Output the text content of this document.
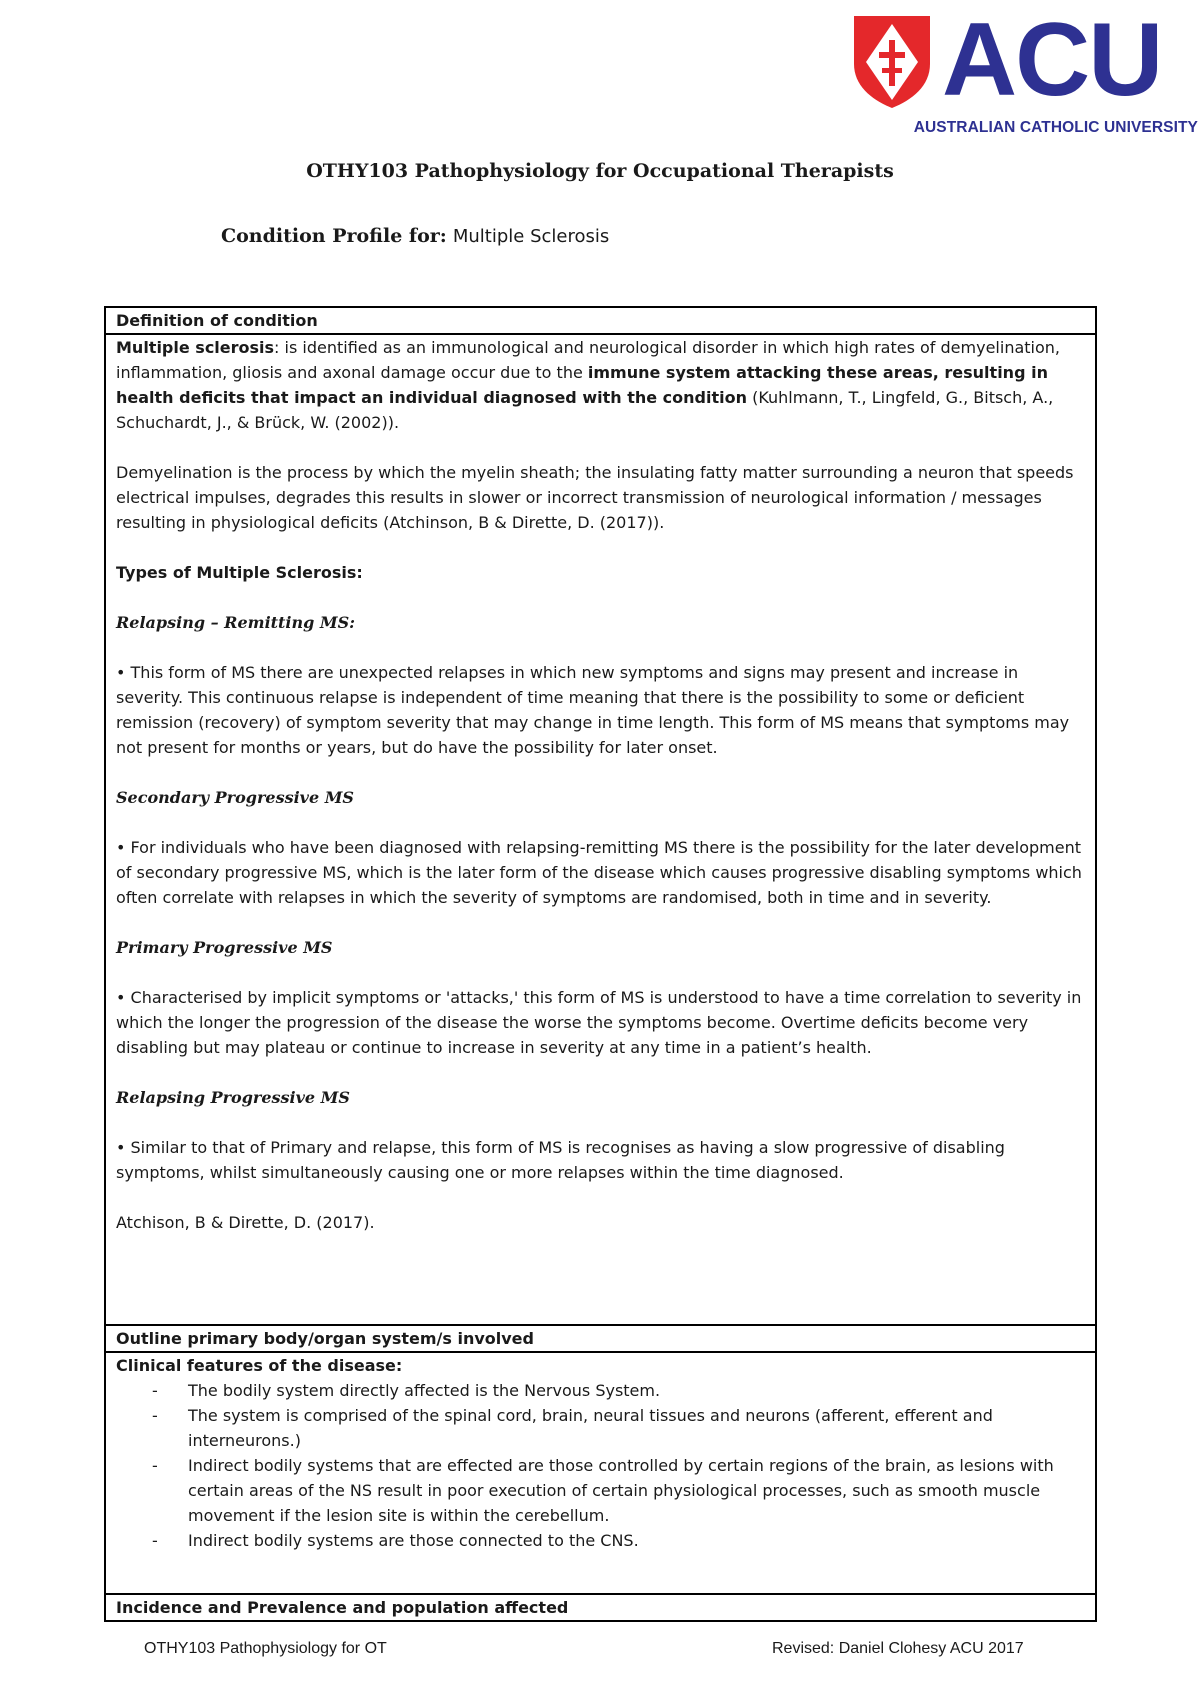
ACU
AUSTRALIAN CATHOLIC UNIVERSITY
OTHY103 Pathophysiology for Occupational Therapists
Condition Profile for: Multiple Sclerosis
Definition of condition

Multiple sclerosis: is identified as an immunological and neurological disorder in which high rates of demyelination, inflammation, gliosis and axonal damage occur due to the immune system attacking these areas, resulting in health deficits that impact an individual diagnosed with the condition (Kuhlmann, T., Lingfeld, G., Bitsch, A., Schuchardt, J., & Brück, W. (2002)).

Demyelination is the process by which the myelin sheath; the insulating fatty matter surrounding a neuron that speeds electrical impulses, degrades this results in slower or incorrect transmission of neurological information / messages resulting in physiological deficits (Atchinson, B & Dirette, D. (2017)).

Types of Multiple Sclerosis:

Relapsing – Remitting MS:

• This form of MS there are unexpected relapses in which new symptoms and signs may present and increase in severity. This continuous relapse is independent of time meaning that there is the possibility to some or deficient remission (recovery) of symptom severity that may change in time length. This form of MS means that symptoms may not present for months or years, but do have the possibility for later onset.

Secondary Progressive MS

• For individuals who have been diagnosed with relapsing-remitting MS there is the possibility for the later development of secondary progressive MS, which is the later form of the disease which causes progressive disabling symptoms which often correlate with relapses in which the severity of symptoms are randomised, both in time and in severity.

Primary Progressive MS

• Characterised by implicit symptoms or 'attacks,' this form of MS is understood to have a time correlation to severity in which the longer the progression of the disease the worse the symptoms become. Overtime deficits become very disabling but may plateau or continue to increase in severity at any time in a patient’s health.

Relapsing Progressive MS

• Similar to that of Primary and relapse, this form of MS is recognises as having a slow progressive of disabling symptoms, whilst simultaneously causing one or more relapses within the time diagnosed.

Atchison, B & Dirette, D. (2017).

Outline primary body/organ system/s involved

Clinical features of the disease:

- The bodily system directly affected is the Nervous System.
- The system is comprised of the spinal cord, brain, neural tissues and neurons (afferent, efferent and interneurons.)
- Indirect bodily systems that are effected are those controlled by certain regions of the brain, as lesions with certain areas of the NS result in poor execution of certain physiological processes, such as smooth muscle movement if the lesion site is within the cerebellum.
- Indirect bodily systems are those connected to the CNS.

Incidence and Prevalence and population affected
OTHY103 Pathophysiology for OT	Revised: Daniel Clohesy ACU 2017
